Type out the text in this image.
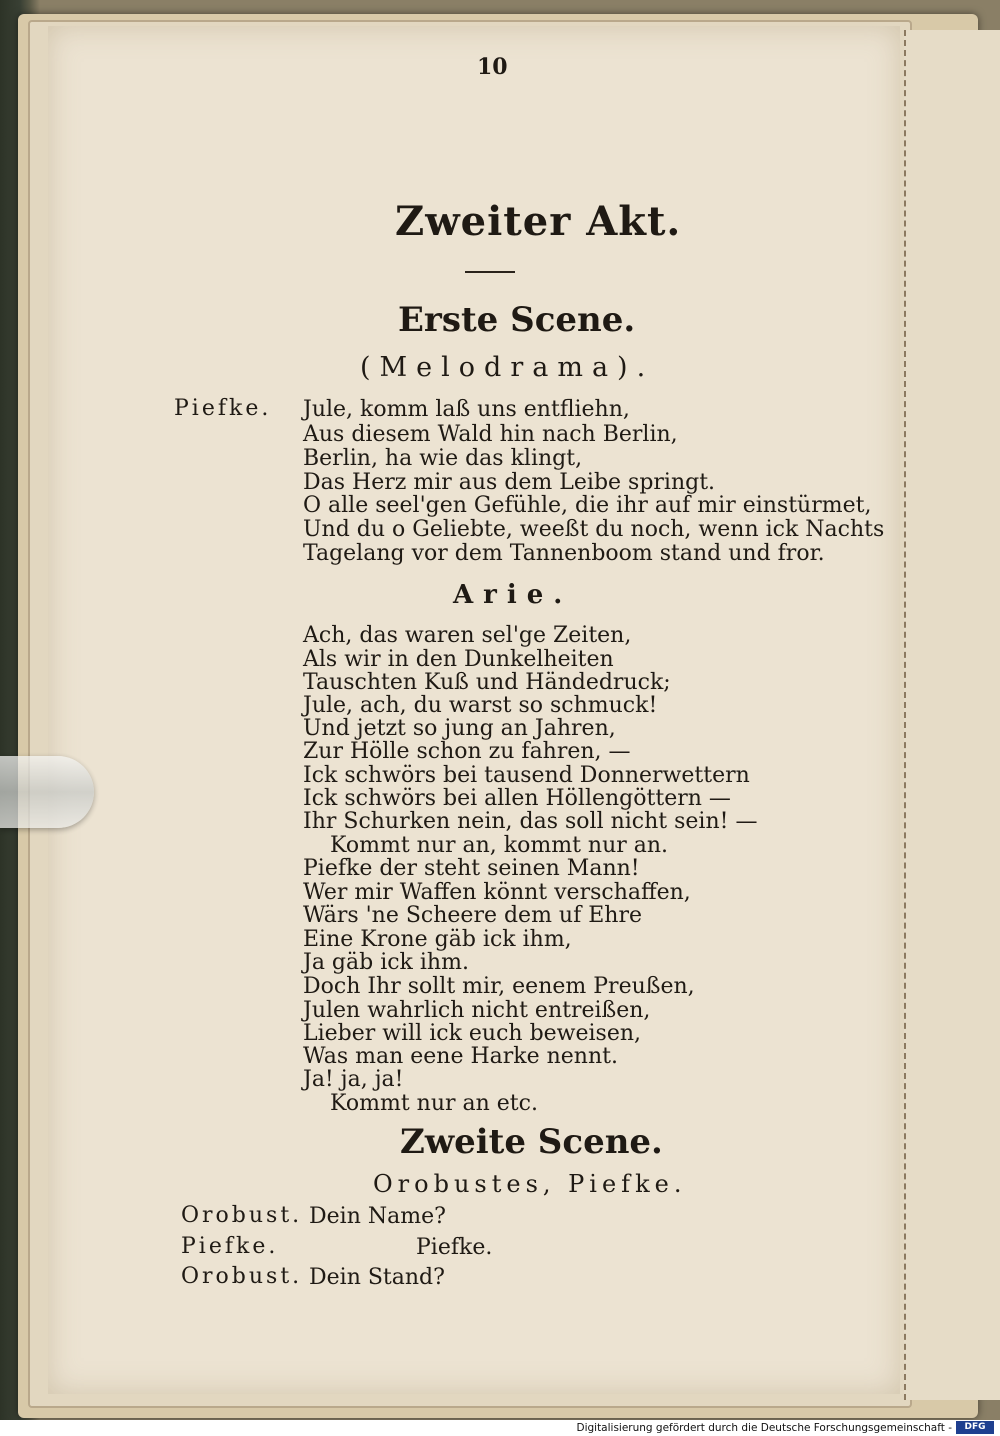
10
Zweiter Akt.
Erste Scene.
(Melodrama).
Piefke. Jule, komm laß uns entfliehn,
Aus diesem Wald hin nach Berlin,
Berlin, ha wie das klingt,
Das Herz mir aus dem Leibe springt.
O alle seel'gen Gefühle, die ihr auf mir einstürmet,
Und du o Geliebte, weeßt du noch, wenn ick Nachts
Tagelang vor dem Tannenboom stand und fror.
Arie.
Ach, das waren sel'ge Zeiten,
Als wir in den Dunkelheiten
Tauschten Kuß und Händedruck;
Jule, ach, du warst so schmuck!
Und jetzt so jung an Jahren,
Zur Hölle schon zu fahren, —
Ick schwörs bei tausend Donnerwettern
Ick schwörs bei allen Höllengöttern —
Ihr Schurken nein, das soll nicht sein! —
Kommt nur an, kommt nur an.
Piefke der steht seinen Mann!
Wer mir Waffen könnt verschaffen,
Wärs 'ne Scheere dem uf Ehre
Eine Krone gäb ick ihm,
Ja gäb ick ihm.
Doch Ihr sollt mir, eenem Preußen,
Julen wahrlich nicht entreißen,
Lieber will ick euch beweisen,
Was man eene Harke nennt.
Ja! ja, ja!
Kommt nur an etc.
Zweite Scene.
Orobustes, Piefke.
Orobust. Dein Name?
Piefke.	Piefke.
Orobust. Dein Stand?
Digitalisierung gefördert durch die Deutsche Forschungsgemeinschaft -	DFG
